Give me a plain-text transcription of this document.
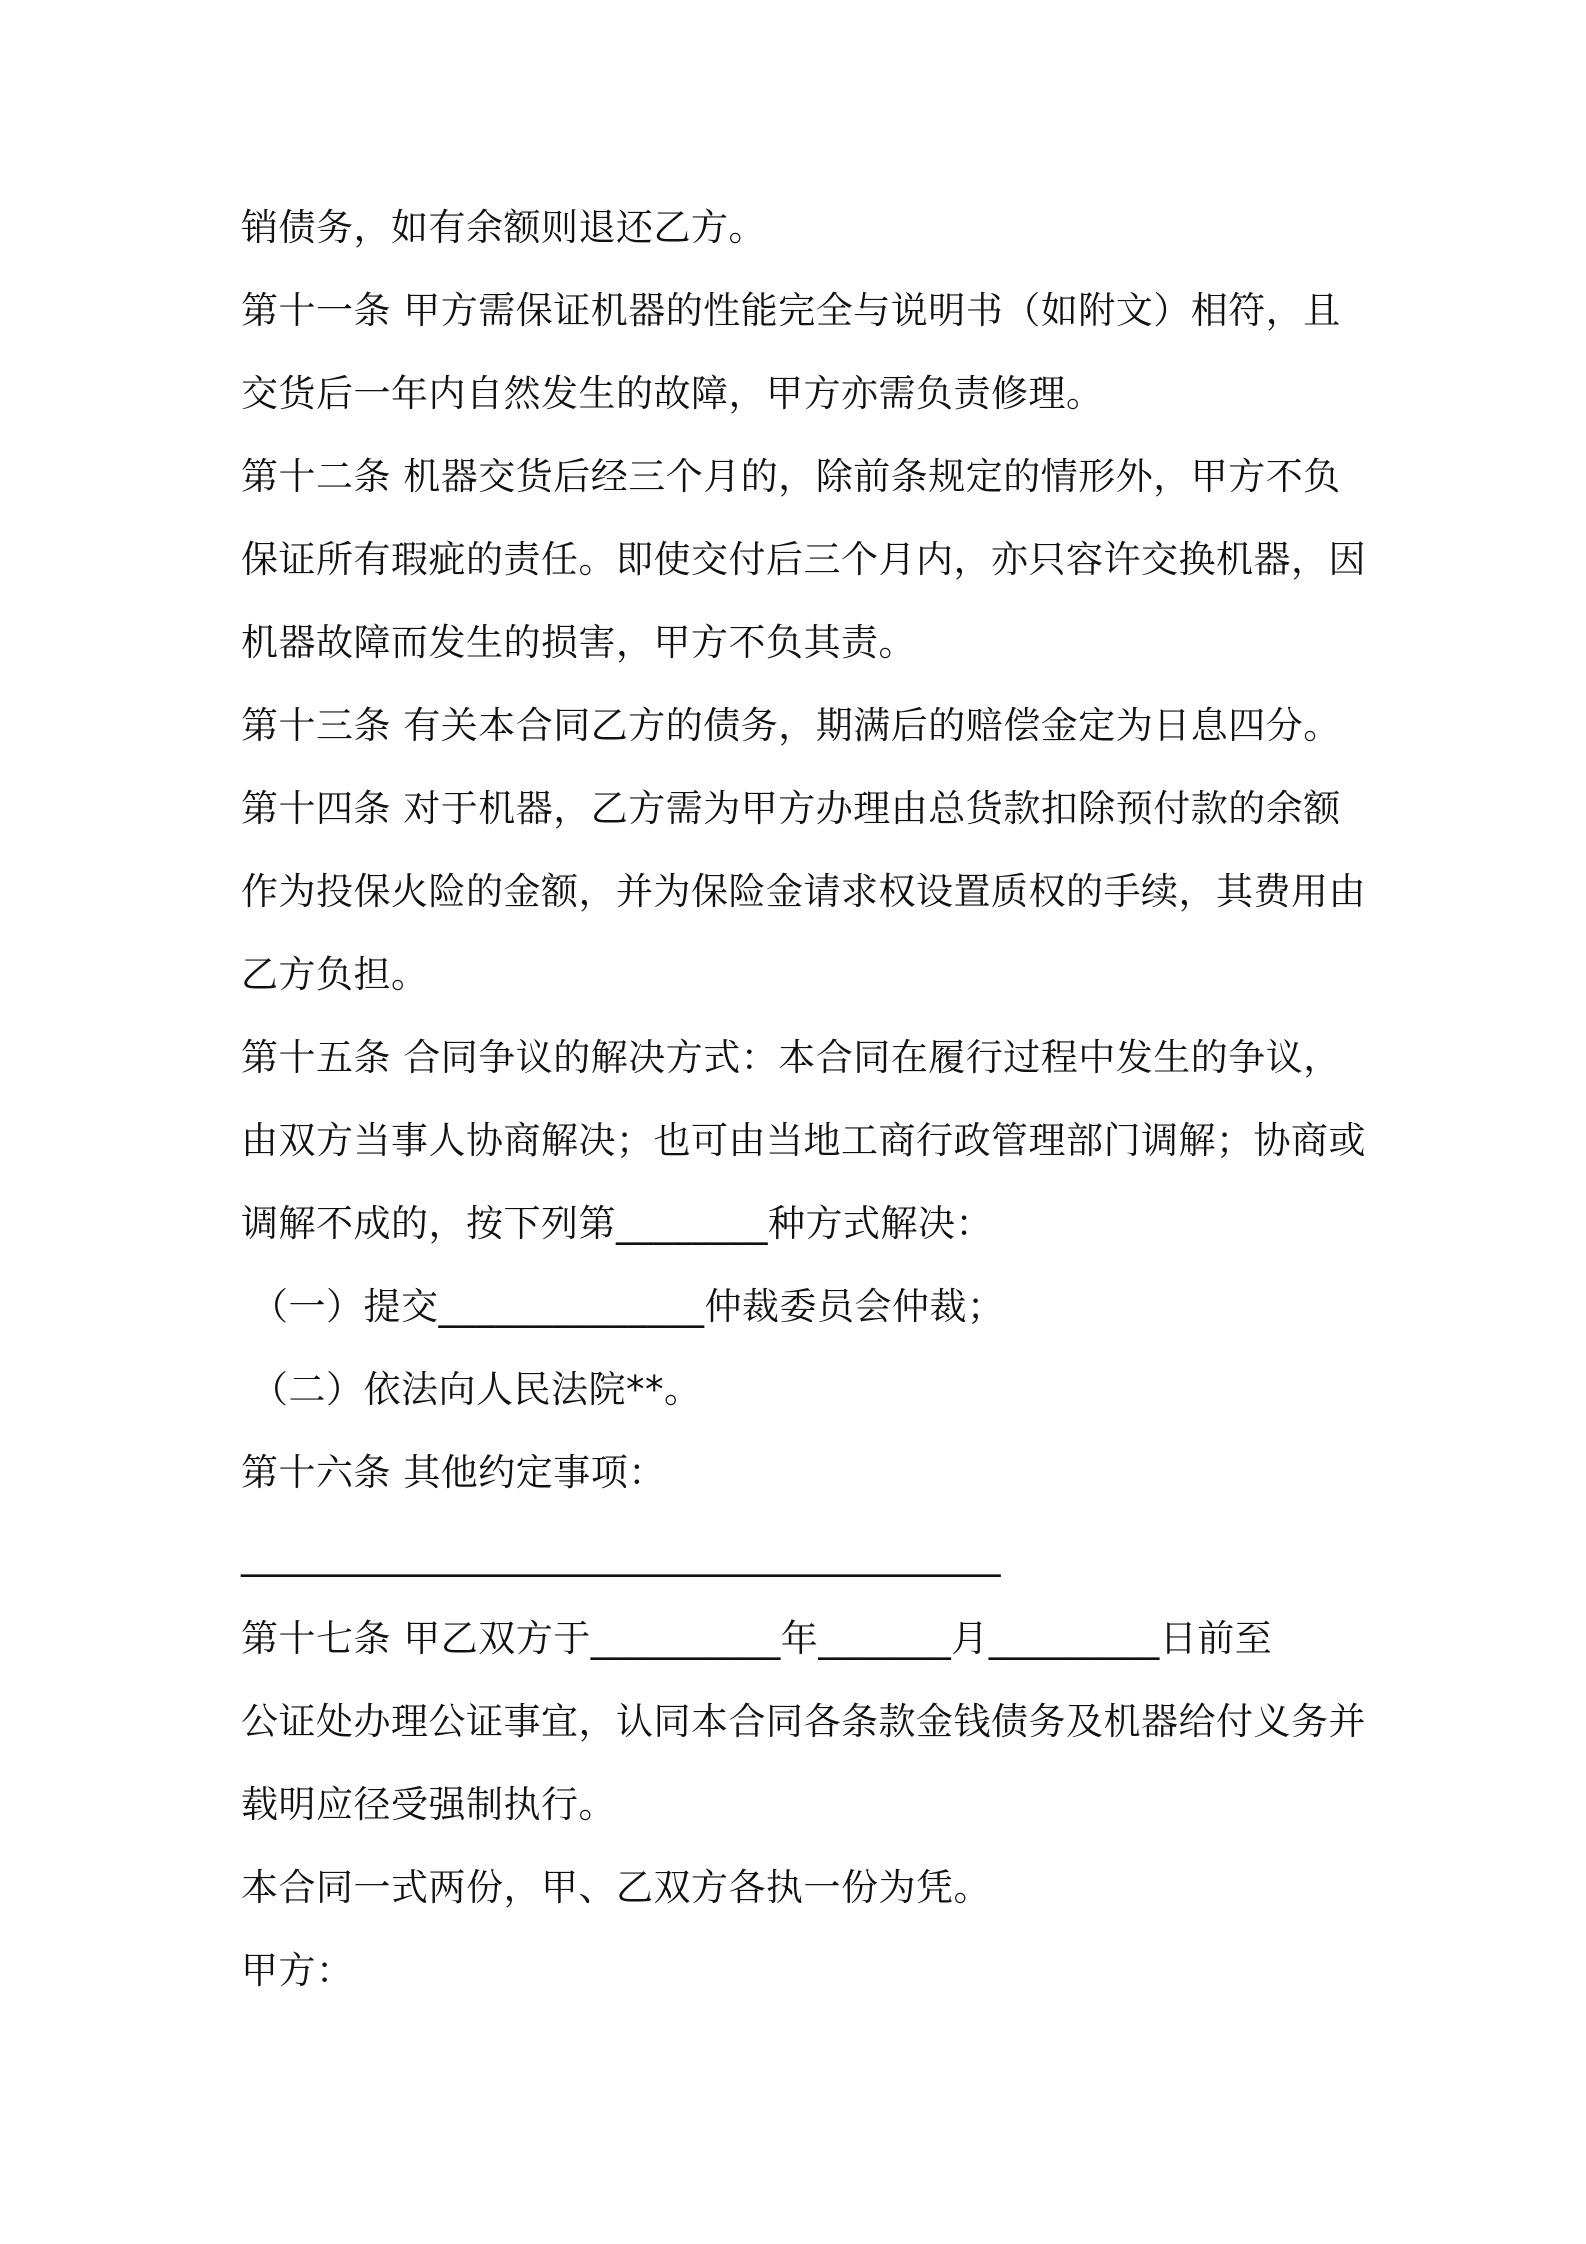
销债务，如有余额则退还乙方。
第十一条 甲方需保证机器的性能完全与说明书（如附文）相符，且
交货后一年内自然发生的故障，甲方亦需负责修理。
第十二条 机器交货后经三个月的，除前条规定的情形外，甲方不负
保证所有瑕疵的责任。即使交付后三个月内，亦只容许交换机器，因
机器故障而发生的损害，甲方不负其责。
第十三条 有关本合同乙方的债务，期满后的赔偿金定为日息四分。
第十四条 对于机器，乙方需为甲方办理由总货款扣除预付款的余额
作为投保火险的金额，并为保险金请求权设置质权的手续，其费用由
乙方负担。
第十五条 合同争议的解决方式：本合同在履行过程中发生的争议，
由双方当事人协商解决；也可由当地工商行政管理部门调解；协商或
调解不成的，按下列第________种方式解决：
（一）提交______________仲裁委员会仲裁；
（二）依法向人民法院**。
第十六条 其他约定事项：
________________________________________
第十七条 甲乙双方于__________年_______月_________日前至
公证处办理公证事宜，认同本合同各条款金钱债务及机器给付义务并
载明应径受强制执行。
本合同一式两份，甲、乙双方各执一份为凭。
甲方：
